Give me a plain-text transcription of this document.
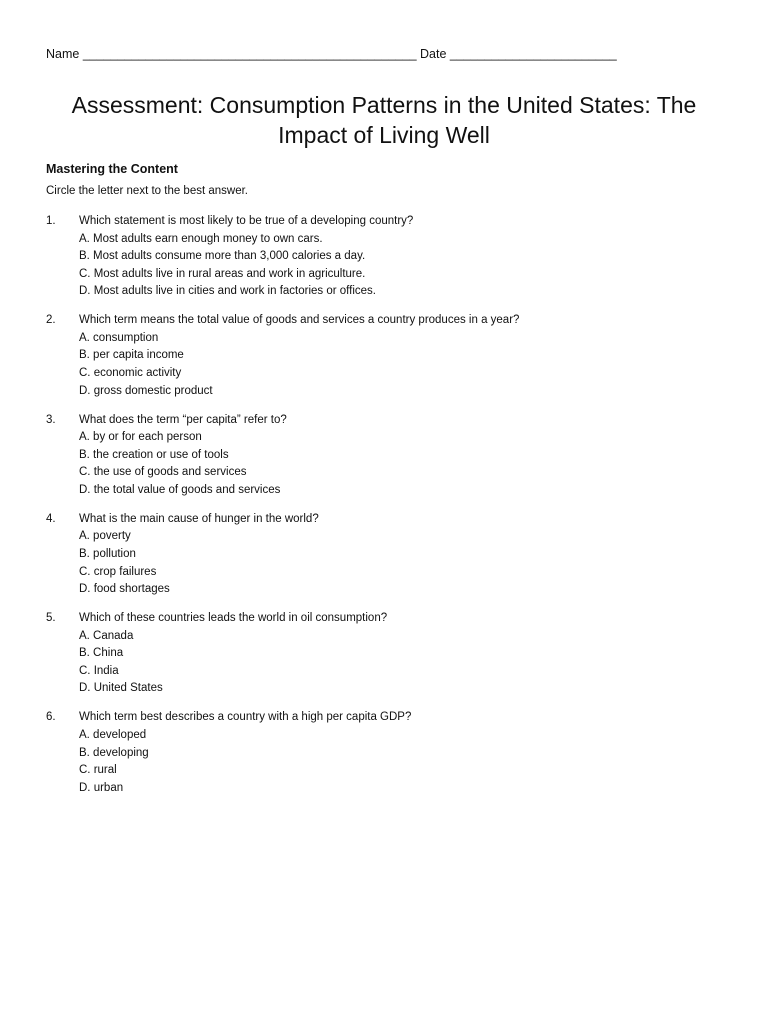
Name ________________________________________________ Date ________________________
Assessment: Consumption Patterns in the United States: The Impact of Living Well
Mastering the Content

Circle the letter next to the best answer.

1. Which statement is most likely to be true of a developing country?
A. Most adults earn enough money to own cars.
B. Most adults consume more than 3,000 calories a day.
C. Most adults live in rural areas and work in agriculture.
D. Most adults live in cities and work in factories or offices.
2. Which term means the total value of goods and services a country produces in a year?
A. consumption
B. per capita income
C. economic activity
D. gross domestic product
3. What does the term “per capita” refer to?
A. by or for each person
B. the creation or use of tools
C. the use of goods and services
D. the total value of goods and services
4. What is the main cause of hunger in the world?
A. poverty
B. pollution
C. crop failures
D. food shortages
5. Which of these countries leads the world in oil consumption?
A. Canada
B. China
C. India
D. United States
6. Which term best describes a country with a high per capita GDP?
A. developed
B. developing
C. rural
D. urban
